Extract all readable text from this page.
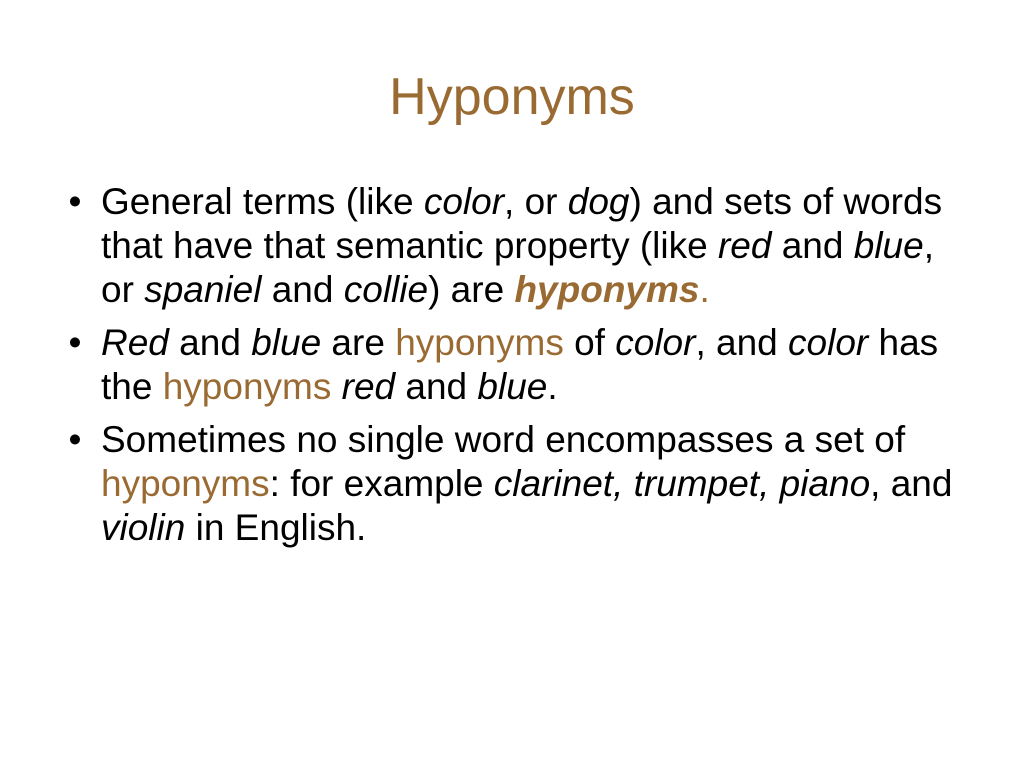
Hyponyms
• General terms (like color, or dog) and sets of words that have that semantic property (like red and blue, or spaniel and collie) are hyponyms.
• Red and blue are hyponyms of color, and color has the hyponyms red and blue.
• Sometimes no single word encompasses a set of hyponyms: for example clarinet, trumpet, piano, and violin in English.
